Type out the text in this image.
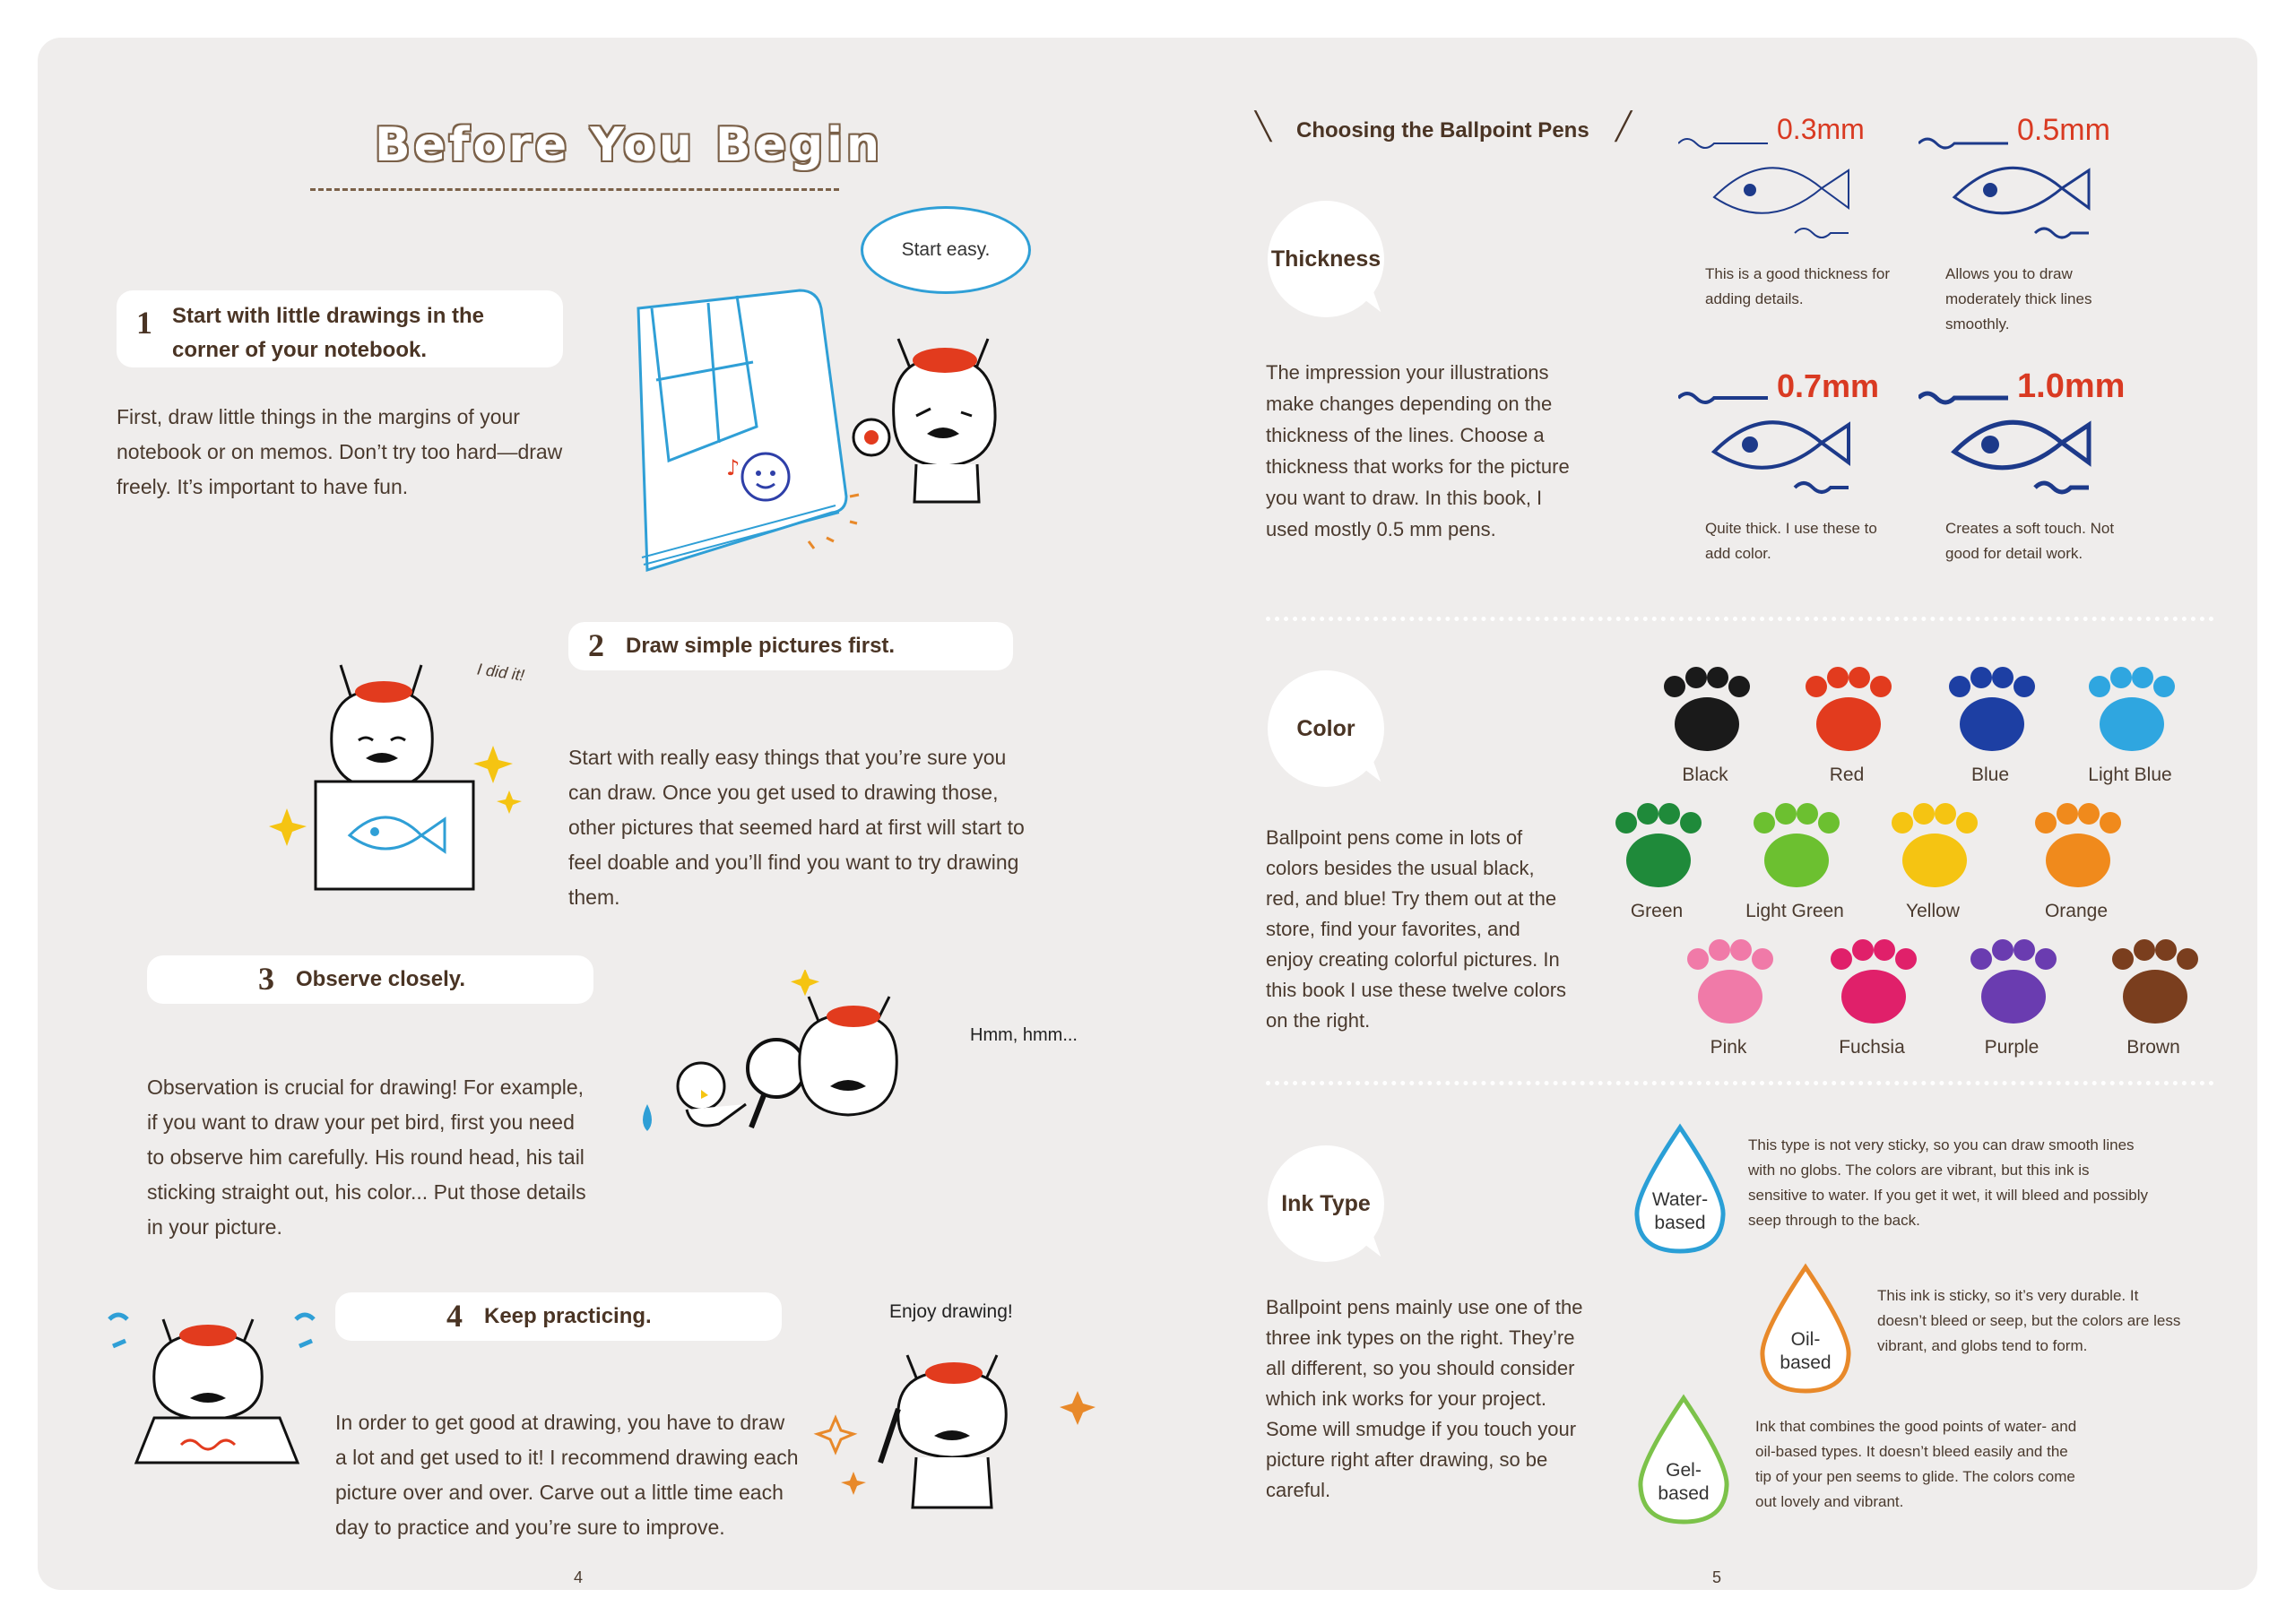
Before You Begin
1 Start with little drawings in the corner of your notebook.
First, draw little things in the margins of your notebook or on memos. Don’t try too hard—draw freely. It’s important to have fun.
♪
Start easy.
2 Draw simple pictures first.
Start with really easy things that you’re sure you can draw. Once you get used to drawing those, other pictures that seemed hard at first will start to feel doable and you’ll find you want to try drawing them.
I did it!
3 Observe closely.
Observation is crucial for drawing! For example, if you want to draw your pet bird, first you need to observe him carefully. His round head, his tail sticking straight out, his color... Put those details in your picture.
Hmm, hmm...
4 Keep practicing.
In order to get good at drawing, you have to draw a lot and get used to it! I recommend drawing each picture over and over. Carve out a little time each day to practice and you’re sure to improve.
Enjoy drawing!
4
╲ Choosing the Ballpoint Pens ╱
Thickness
The impression your illustrations make changes depending on the thickness of the lines. Choose a thickness that works for the picture you want to draw. In this book, I used mostly 0.5 mm pens.
0.3mm
This is a good thickness for adding details.
0.5mm
Allows you to draw moderately thick lines smoothly.
0.7mm
Quite thick. I use these to add color.
1.0mm
Creates a soft touch. Not good for detail work.
Color
Ballpoint pens come in lots of colors besides the usual black, red, and blue! Try them out at the store, find your favorites, and enjoy creating colorful pictures. In this book I use these twelve colors on the right.
Black	Red	Blue	Light Blue
Green	Light Green	Yellow	Orange
Pink	Fuchsia	Purple	Brown
Ink Type
Ballpoint pens mainly use one of the three ink types on the right. They’re all different, so you should consider which ink works for your project. Some will smudge if you touch your picture right after drawing, so be careful.
Water-
based
This type is not very sticky, so you can draw smooth lines with no globs. The colors are vibrant, but this ink is sensitive to water. If you get it wet, it will bleed and possibly seep through to the back.
Oil-
based
This ink is sticky, so it’s very durable. It doesn’t bleed or seep, but the colors are less vibrant, and globs tend to form.
Gel-
based
Ink that combines the good points of water- and oil-based types. It doesn’t bleed easily and the tip of your pen seems to glide. The colors come out lovely and vibrant.
5
